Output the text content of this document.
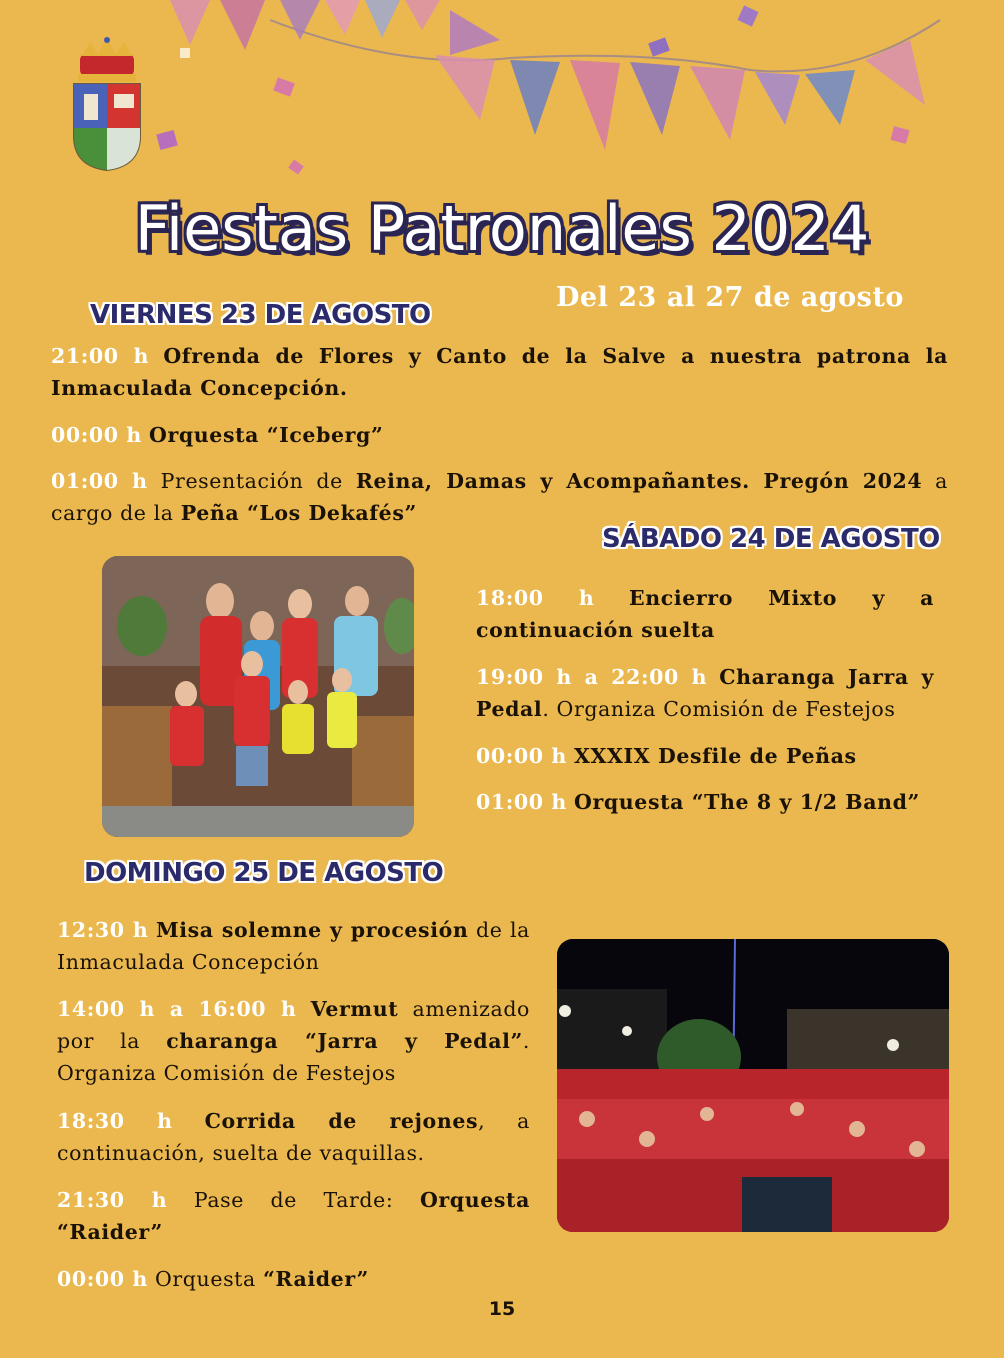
Fiestas Patronales 2024
Del 23 al 27 de agosto
VIERNES 23 DE AGOSTO
21:00 h Ofrenda de Flores y Canto de la Salve a nuestra patrona la Inmaculada Concepción.
00:00 h Orquesta “Iceberg”
01:00 h Presentación de Reina, Damas y Acompañantes. Pregón 2024 a cargo de la Peña “Los Dekafés”
SÁBADO 24 DE AGOSTO
18:00 h Encierro Mixto y a continuación suelta
19:00 h a 22:00 h Charanga Jarra y Pedal. Organiza Comisión de Festejos
00:00 h XXXIX Desfile de Peñas
01:00 h Orquesta “The 8 y 1/2 Band”
DOMINGO 25 DE AGOSTO
12:30 h Misa solemne y procesión de la Inmaculada Concepción
14:00 h a 16:00 h Vermut amenizado por la charanga “Jarra y Pedal”. Organiza Comisión de Festejos
18:30 h Corrida de rejones, a continuación, suelta de vaquillas.
21:30 h Pase de Tarde: Orquesta “Raider”
00:00 h Orquesta “Raider”
15
